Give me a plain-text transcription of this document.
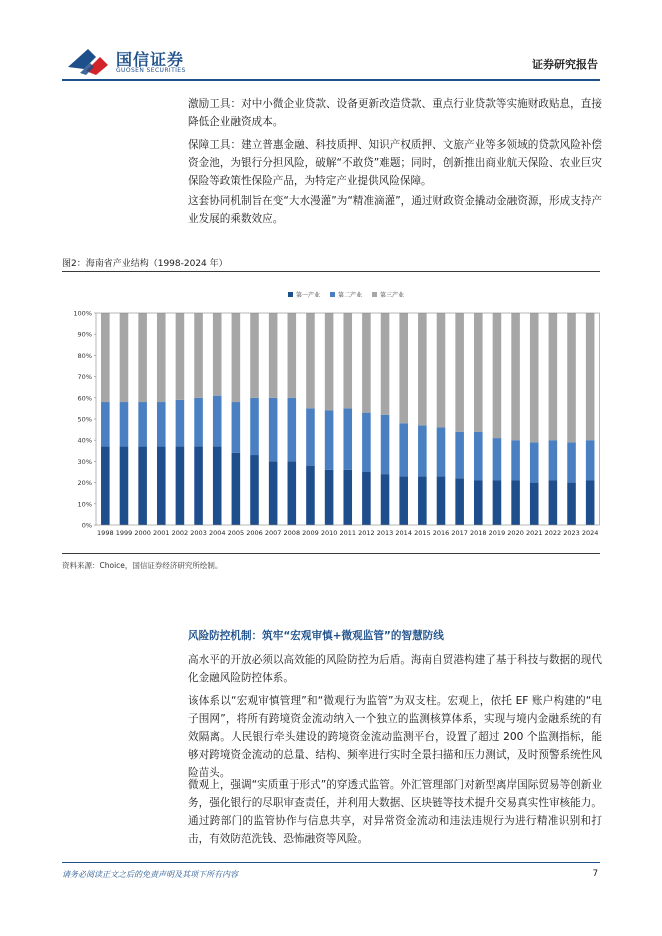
国信证券
GUOSEN SECURITIES	证券研究报告
激励工具：对中小微企业贷款、设备更新改造贷款、重点行业贷款等实施财政贴息，直接降低企业融资成本。
保障工具：建立普惠金融、科技质押、知识产权质押、文旅产业等多领域的贷款风险补偿资金池，为银行分担风险，破解“不敢贷”难题；同时，创新推出商业航天保险、农业巨灾保险等政策性保险产品，为特定产业提供风险保障。
这套协同机制旨在变“大水漫灌”为“精准滴灌”，通过财政资金撬动金融资源，形成支持产业发展的乘数效应。
图2：海南省产业结构（1998-2024 年）
第一产业	第二产业	第三产业
0%
10%
20%
30%
40%
50%
60%
70%
80%
90%
100%
1998 1999 2000 2001 2002 2003 2004 2005 2006 2007 2008 2009 2010 2011 2012 2013 2014 2015 2016 2017 2018 2019 2020 2021 2022 2023 2024
资料来源：Choice，国信证券经济研究所绘制。
风险防控机制：筑牢“宏观审慎+微观监管”的智慧防线
高水平的开放必须以高效能的风险防控为后盾。海南自贸港构建了基于科技与数据的现代化金融风险防控体系。
该体系以“宏观审慎管理”和“微观行为监管”为双支柱。宏观上，依托 EF 账户构建的“电子围网”，将所有跨境资金流动纳入一个独立的监测核算体系，实现与境内金融系统的有效隔离。人民银行牵头建设的跨境资金流动监测平台，设置了超过 200 个监测指标，能够对跨境资金流动的总量、结构、频率进行实时全景扫描和压力测试，及时预警系统性风险苗头。
微观上，强调“实质重于形式”的穿透式监管。外汇管理部门对新型离岸国际贸易等创新业务，强化银行的尽职审查责任，并利用大数据、区块链等技术提升交易真实性审核能力。通过跨部门的监管协作与信息共享，对异常资金流动和违法违规行为进行精准识别和打击，有效防范洗钱、恐怖融资等风险。
请务必阅读正文之后的免责声明及其项下所有内容	7
